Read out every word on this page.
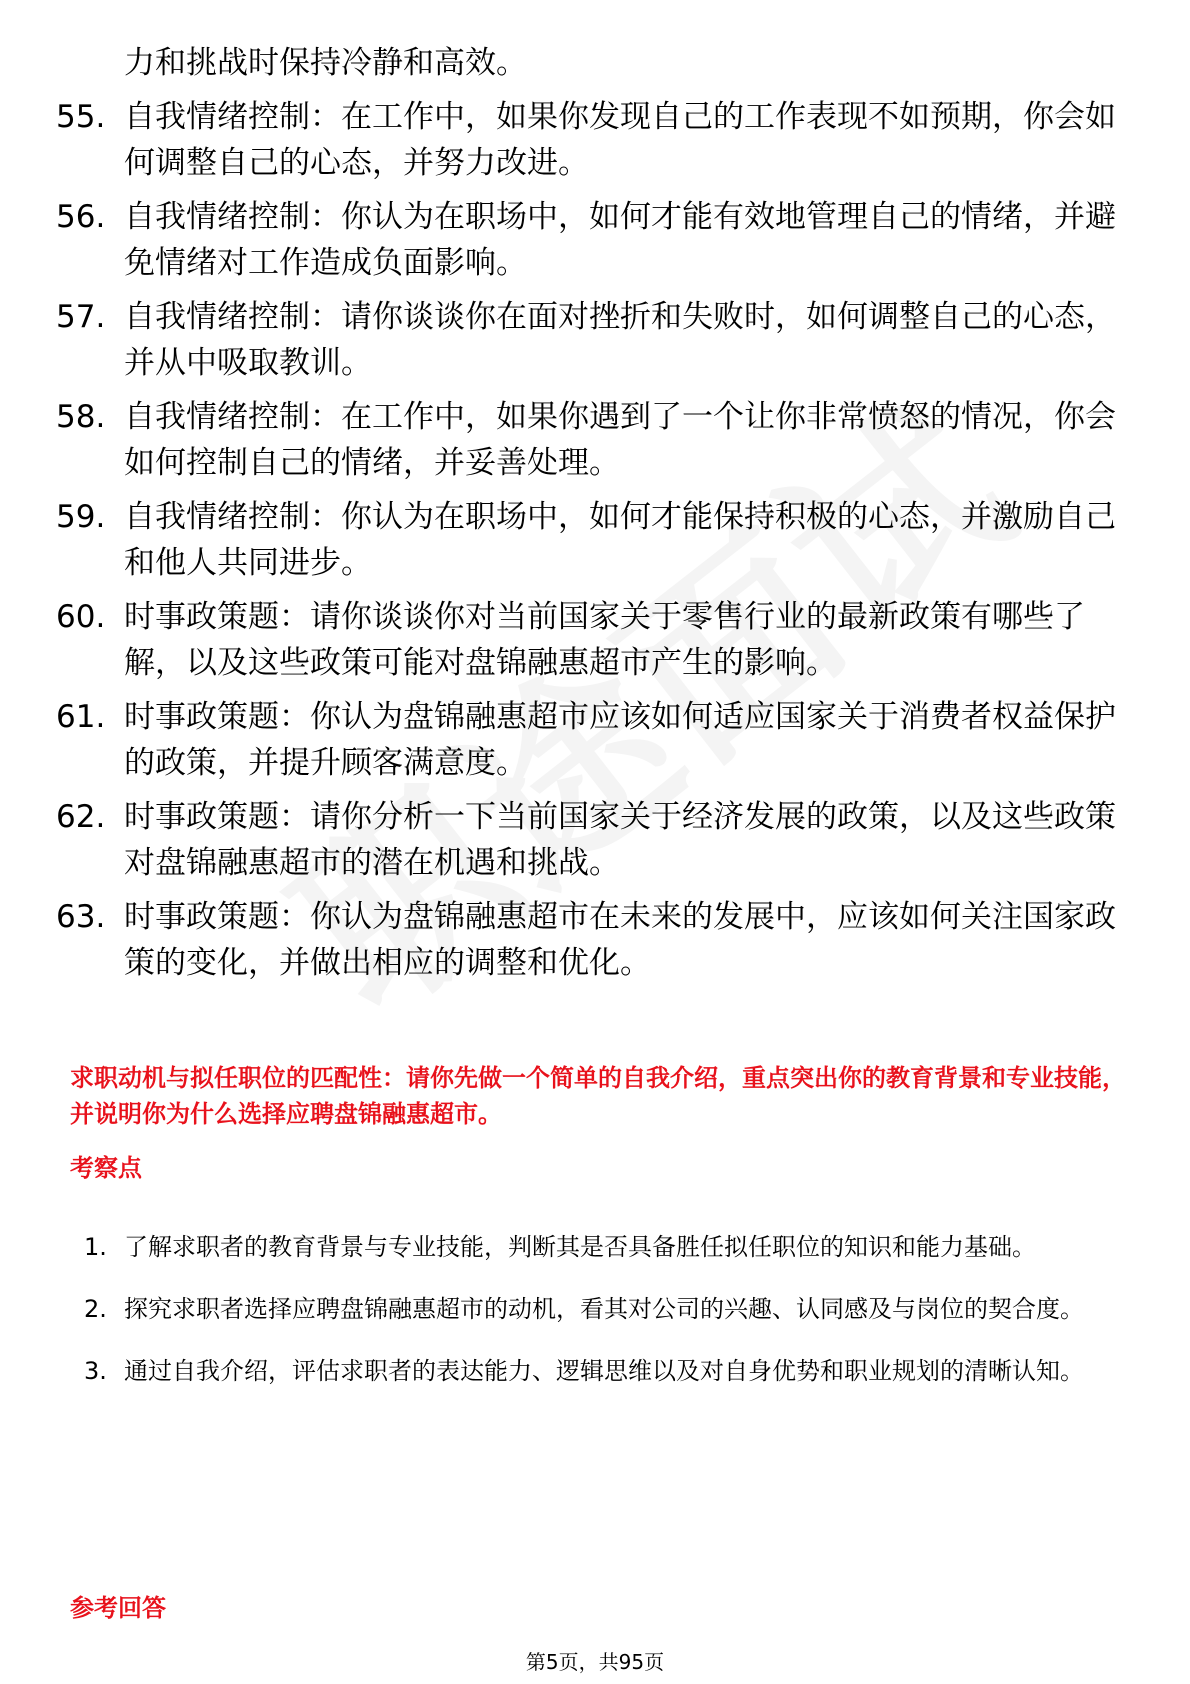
力和挑战时保持冷静和高效。
55. 自我情绪控制：在工作中，如果你发现自己的工作表现不如预期，你会如何调整自己的心态，并努力改进。
56. 自我情绪控制：你认为在职场中，如何才能有效地管理自己的情绪，并避免情绪对工作造成负面影响。
57. 自我情绪控制：请你谈谈你在面对挫折和失败时，如何调整自己的心态，并从中吸取教训。
58. 自我情绪控制：在工作中，如果你遇到了一个让你非常愤怒的情况，你会如何控制自己的情绪，并妥善处理。
59. 自我情绪控制：你认为在职场中，如何才能保持积极的心态，并激励自己和他人共同进步。
60. 时事政策题：请你谈谈你对当前国家关于零售行业的最新政策有哪些了解，以及这些政策可能对盘锦融惠超市产生的影响。
61. 时事政策题：你认为盘锦融惠超市应该如何适应国家关于消费者权益保护的政策，并提升顾客满意度。
62. 时事政策题：请你分析一下当前国家关于经济发展的政策，以及这些政策对盘锦融惠超市的潜在机遇和挑战。
63. 时事政策题：你认为盘锦融惠超市在未来的发展中，应该如何关注国家政策的变化，并做出相应的调整和优化。
求职动机与拟任职位的匹配性：请你先做一个简单的自我介绍，重点突出你的教育背景和专业技能，并说明你为什么选择应聘盘锦融惠超市。
考察点
1. 了解求职者的教育背景与专业技能，判断其是否具备胜任拟任职位的知识和能力基础。
2. 探究求职者选择应聘盘锦融惠超市的动机，看其对公司的兴趣、认同感及与岗位的契合度。
3. 通过自我介绍，评估求职者的表达能力、逻辑思维以及对自身优势和职业规划的清晰认知。
参考回答
第5页，共95页
